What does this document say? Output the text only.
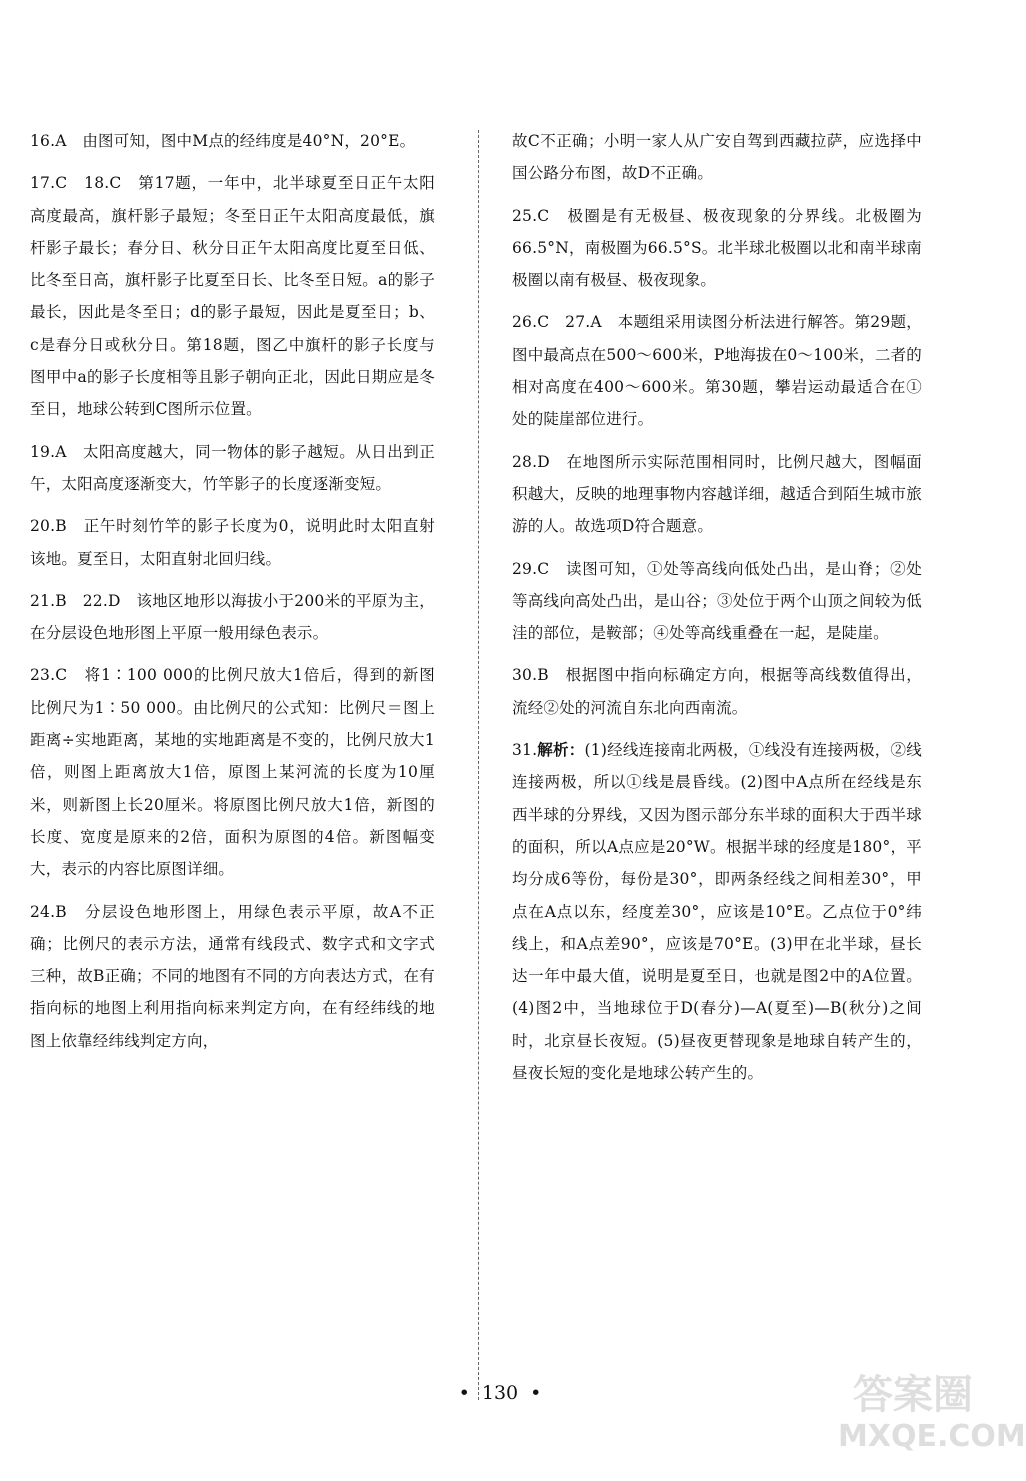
16.A　由图可知，图中M点的经纬度是40°N，20°E。

17.C　18.C　第17题，一年中，北半球夏至日正午太阳高度最高，旗杆影子最短；冬至日正午太阳高度最低，旗杆影子最长；春分日、秋分日正午太阳高度比夏至日低、比冬至日高，旗杆影子比夏至日长、比冬至日短。a的影子最长，因此是冬至日；d的影子最短，因此是夏至日；b、c是春分日或秋分日。第18题，图乙中旗杆的影子长度与图甲中a的影子长度相等且影子朝向正北，因此日期应是冬至日，地球公转到C图所示位置。

19.A　太阳高度越大，同一物体的影子越短。从日出到正午，太阳高度逐渐变大，竹竿影子的长度逐渐变短。

20.B　正午时刻竹竿的影子长度为0，说明此时太阳直射该地。夏至日，太阳直射北回归线。

21.B　22.D　该地区地形以海拔小于200米的平原为主，在分层设色地形图上平原一般用绿色表示。

23.C　将1∶100 000的比例尺放大1倍后，得到的新图比例尺为1∶50 000。由比例尺的公式知：比例尺＝图上距离÷实地距离，某地的实地距离是不变的，比例尺放大1倍，则图上距离放大1倍，原图上某河流的长度为10厘米，则新图上长20厘米。将原图比例尺放大1倍，新图的长度、宽度是原来的2倍，面积为原图的4倍。新图幅变大，表示的内容比原图详细。

24.B　分层设色地形图上，用绿色表示平原，故A不正确；比例尺的表示方法，通常有线段式、数字式和文字式三种，故B正确；不同的地图有不同的方向表达方式，在有指向标的地图上利用指向标来判定方向，在有经纬线的地图上依靠经纬线判定方向，

故C不正确；小明一家人从广安自驾到西藏拉萨，应选择中国公路分布图，故D不正确。

25.C　极圈是有无极昼、极夜现象的分界线。北极圈为66.5°N，南极圈为66.5°S。北半球北极圈以北和南半球南极圈以南有极昼、极夜现象。

26.C　27.A　本题组采用读图分析法进行解答。第29题，图中最高点在500～600米，P地海拔在0～100米，二者的相对高度在400～600米。第30题，攀岩运动最适合在①处的陡崖部位进行。

28.D　在地图所示实际范围相同时，比例尺越大，图幅面积越大，反映的地理事物内容越详细，越适合到陌生城市旅游的人。故选项D符合题意。

29.C　读图可知，①处等高线向低处凸出，是山脊；②处等高线向高处凸出，是山谷；③处位于两个山顶之间较为低洼的部位，是鞍部；④处等高线重叠在一起，是陡崖。

30.B　根据图中指向标确定方向，根据等高线数值得出，流经②处的河流自东北向西南流。

31.解析：(1)经线连接南北两极，①线没有连接两极，②线连接两极，所以①线是晨昏线。(2)图中A点所在经线是东西半球的分界线，又因为图示部分东半球的面积大于西半球的面积，所以A点应是20°W。根据半球的经度是180°，平均分成6等份，每份是30°，即两条经线之间相差30°，甲点在A点以东，经度差30°，应该是10°E。乙点位于0°纬线上，和A点差90°，应该是70°E。(3)甲在北半球，昼长达一年中最大值，说明是夏至日，也就是图2中的A位置。(4)图2中，当地球位于D(春分)—A(夏至)—B(秋分)之间时，北京昼长夜短。(5)昼夜更替现象是地球自转产生的，昼夜长短的变化是地球公转产生的。

• 130 •	答案圈
MXQE.COM
